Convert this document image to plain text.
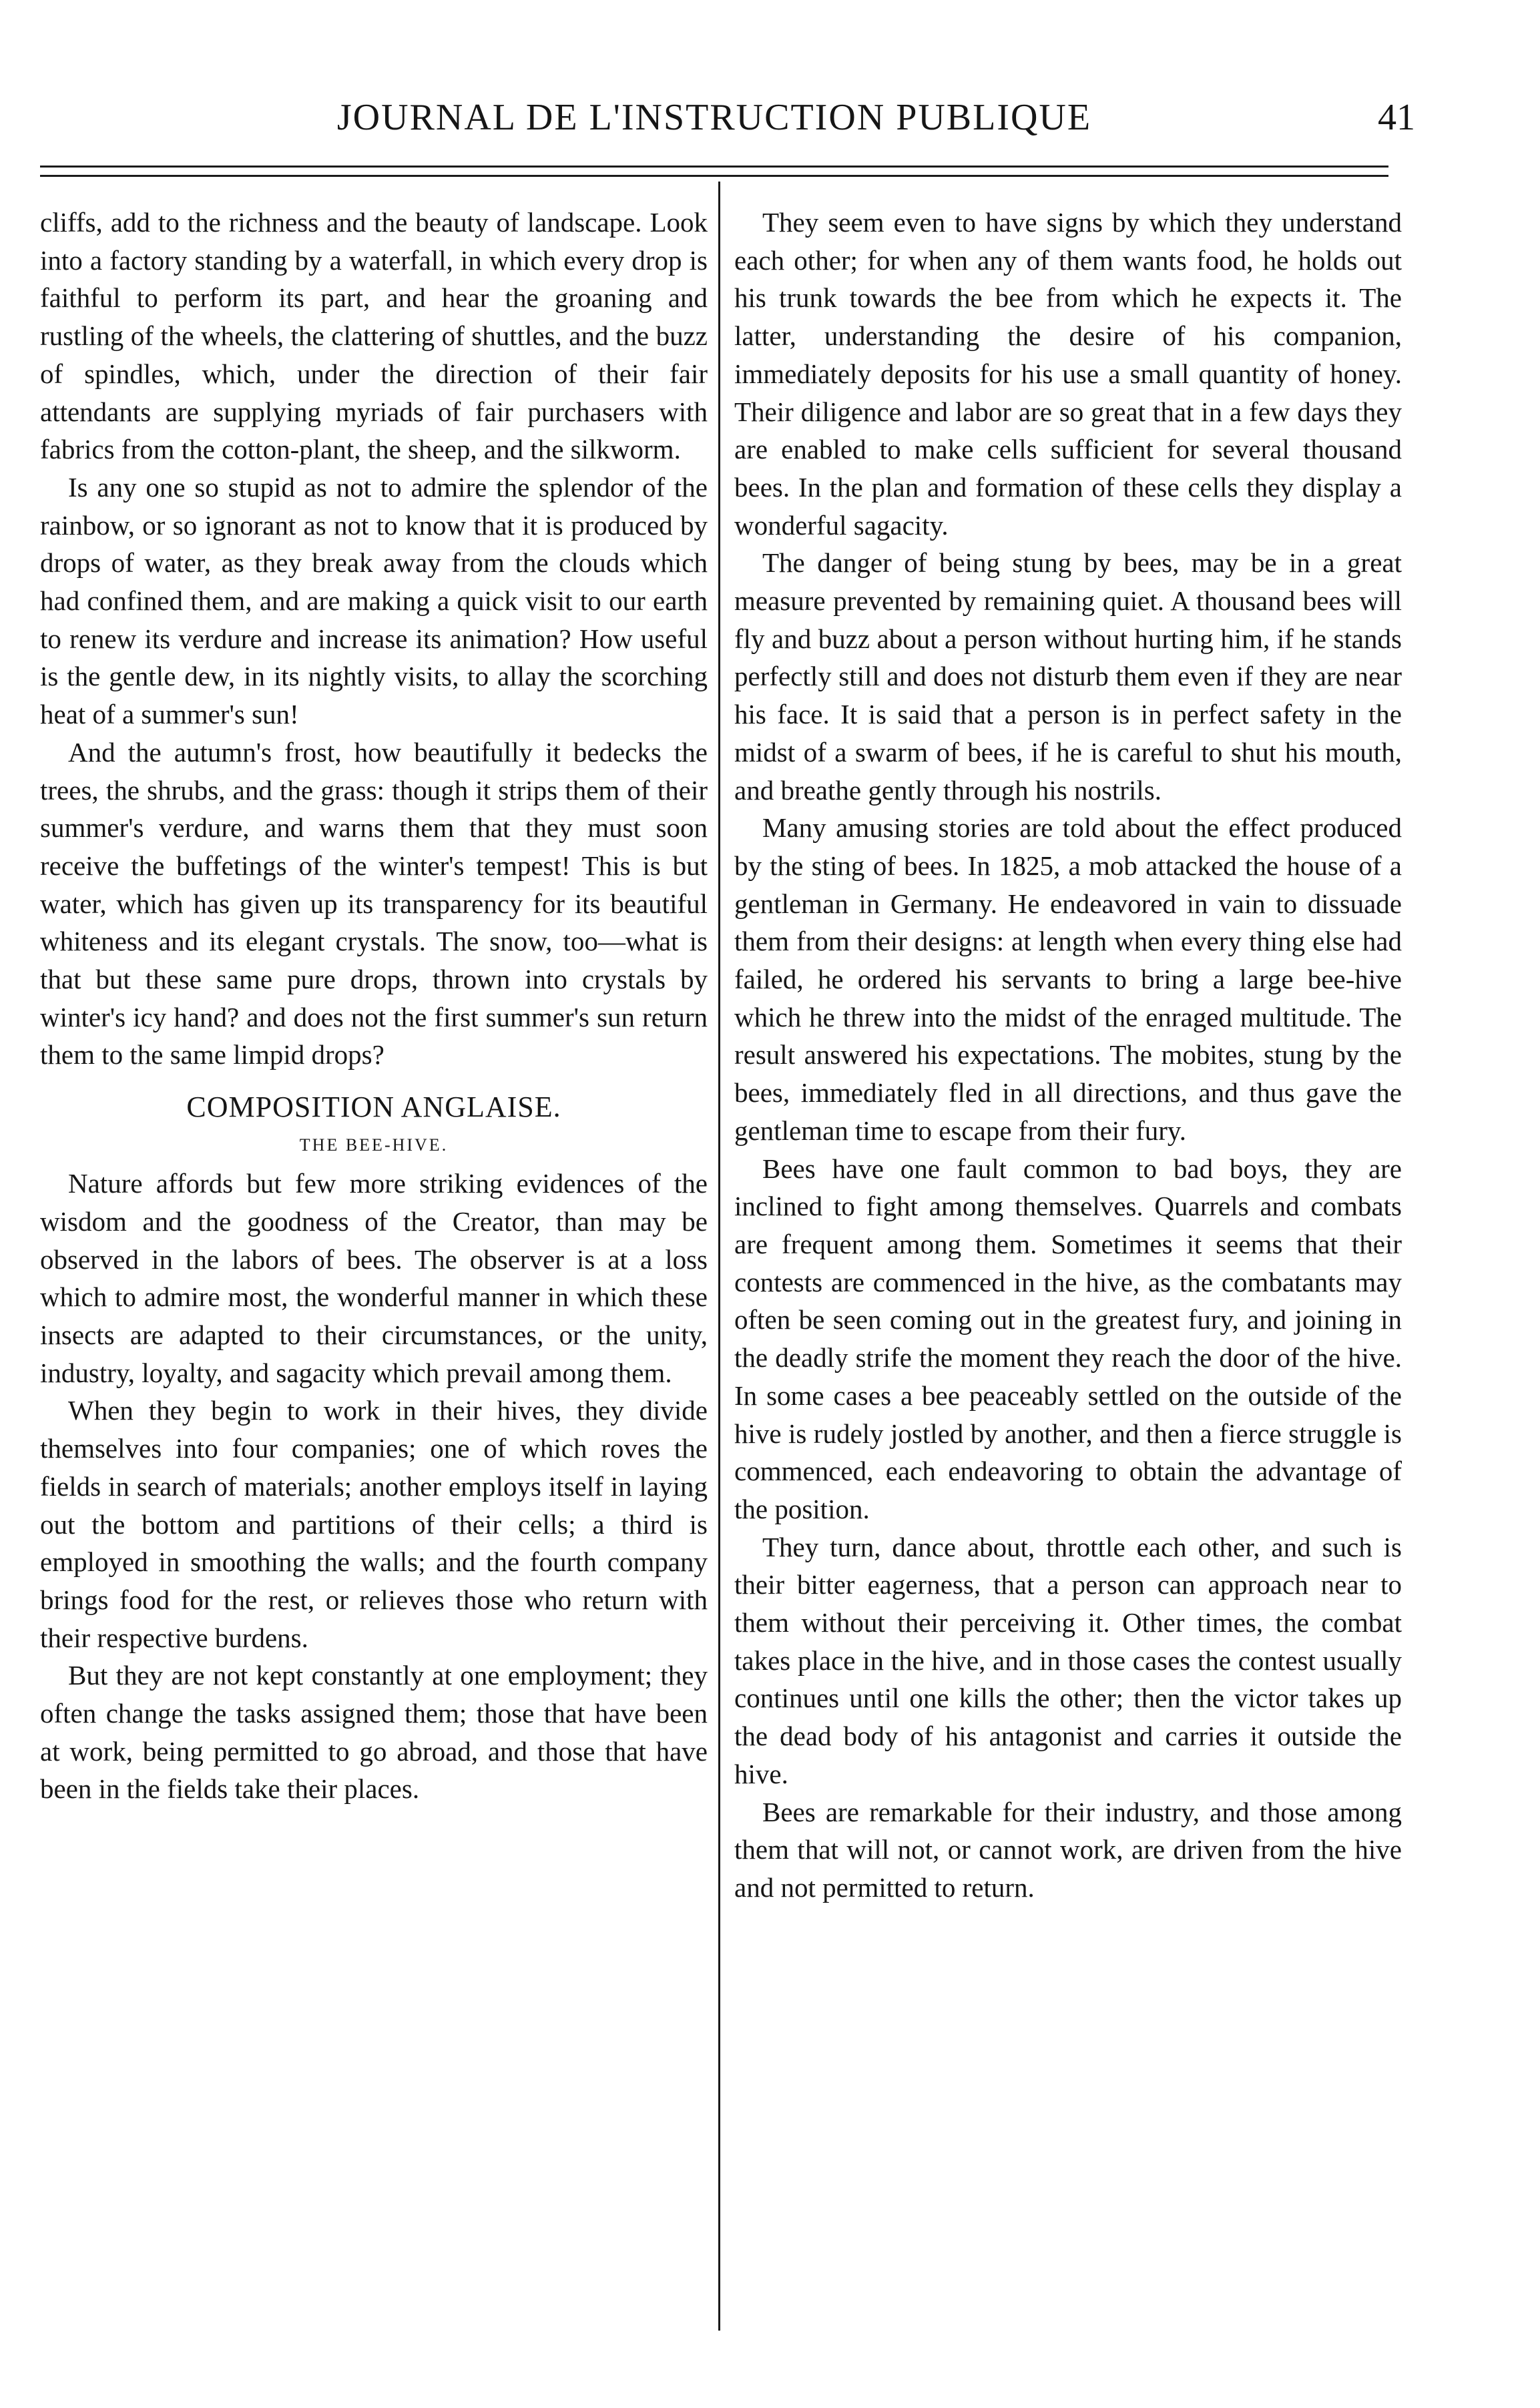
JOURNAL DE L'INSTRUCTION PUBLIQUE	41

cliffs, add to the richness and the beauty of landscape. Look into a factory standing by a waterfall, in which every drop is faithful to perform its part, and hear the groaning and rustling of the wheels, the clattering of shuttles, and the buzz of spindles, which, under the direction of their fair attendants are supplying myriads of fair purchasers with fabrics from the cotton-plant, the sheep, and the silkworm.

Is any one so stupid as not to admire the splendor of the rainbow, or so ignorant as not to know that it is produced by drops of water, as they break away from the clouds which had confined them, and are making a quick visit to our earth to renew its verdure and increase its animation? How useful is the gentle dew, in its nightly visits, to allay the scorching heat of a summer's sun!

And the autumn's frost, how beautifully it bedecks the trees, the shrubs, and the grass: though it strips them of their summer's verdure, and warns them that they must soon receive the buffetings of the winter's tempest! This is but water, which has given up its transparency for its beautiful whiteness and its elegant crystals. The snow, too—what is that but these same pure drops, thrown into crystals by winter's icy hand? and does not the first summer's sun return them to the same limpid drops?

COMPOSITION ANGLAISE.
THE BEE-HIVE.

Nature affords but few more striking evidences of the wisdom and the goodness of the Creator, than may be observed in the labors of bees. The observer is at a loss which to admire most, the wonderful manner in which these insects are adapted to their circumstances, or the unity, industry, loyalty, and sagacity which prevail among them.

When they begin to work in their hives, they divide themselves into four companies; one of which roves the fields in search of materials; another employs itself in laying out the bottom and partitions of their cells; a third is employed in smoothing the walls; and the fourth company brings food for the rest, or relieves those who return with their respective burdens.

But they are not kept constantly at one employment; they often change the tasks assigned them; those that have been at work, being permitted to go abroad, and those that have been in the fields take their places.

They seem even to have signs by which they understand each other; for when any of them wants food, he holds out his trunk towards the bee from which he expects it. The latter, understanding the desire of his companion, immediately deposits for his use a small quantity of honey. Their diligence and labor are so great that in a few days they are enabled to make cells sufficient for several thousand bees. In the plan and formation of these cells they display a wonderful sagacity.

The danger of being stung by bees, may be in a great measure prevented by remaining quiet. A thousand bees will fly and buzz about a person without hurting him, if he stands perfectly still and does not disturb them even if they are near his face. It is said that a person is in perfect safety in the midst of a swarm of bees, if he is careful to shut his mouth, and breathe gently through his nostrils.

Many amusing stories are told about the effect produced by the sting of bees. In 1825, a mob attacked the house of a gentleman in Germany. He endeavored in vain to dissuade them from their designs: at length when every thing else had failed, he ordered his servants to bring a large bee-hive which he threw into the midst of the enraged multitude. The result answered his expectations. The mobites, stung by the bees, immediately fled in all directions, and thus gave the gentleman time to escape from their fury.

Bees have one fault common to bad boys, they are inclined to fight among themselves. Quarrels and combats are frequent among them. Sometimes it seems that their contests are commenced in the hive, as the combatants may often be seen coming out in the greatest fury, and joining in the deadly strife the moment they reach the door of the hive. In some cases a bee peaceably settled on the outside of the hive is rudely jostled by another, and then a fierce struggle is commenced, each endeavoring to obtain the advantage of the position.

They turn, dance about, throttle each other, and such is their bitter eagerness, that a person can approach near to them without their perceiving it. Other times, the combat takes place in the hive, and in those cases the contest usually continues until one kills the other; then the victor takes up the dead body of his antagonist and carries it outside the hive.

Bees are remarkable for their industry, and those among them that will not, or cannot work, are driven from the hive and not permitted to return.
